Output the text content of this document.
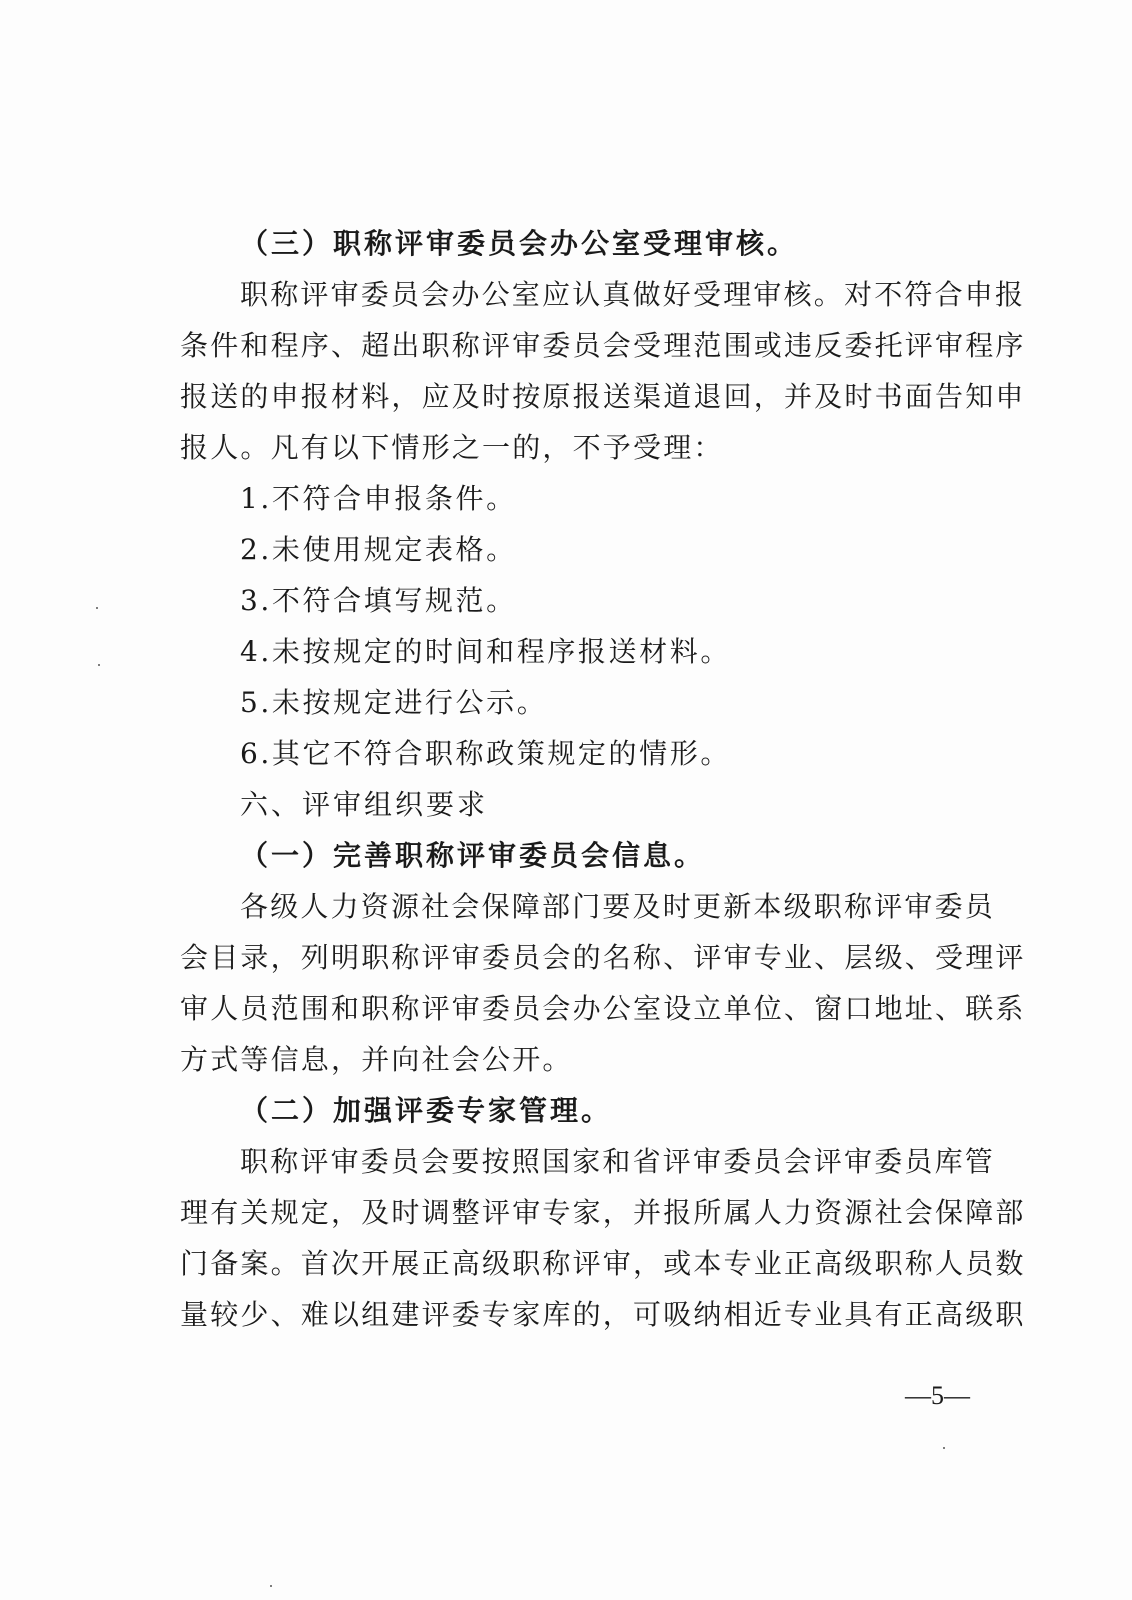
（三）职称评审委员会办公室受理审核。
职称评审委员会办公室应认真做好受理审核。对不符合申报
条件和程序、超出职称评审委员会受理范围或违反委托评审程序
报送的申报材料，应及时按原报送渠道退回，并及时书面告知申
报人。凡有以下情形之一的，不予受理：
1.不符合申报条件。
2.未使用规定表格。
3.不符合填写规范。
4.未按规定的时间和程序报送材料。
5.未按规定进行公示。
6.其它不符合职称政策规定的情形。
六、评审组织要求
（一）完善职称评审委员会信息。
各级人力资源社会保障部门要及时更新本级职称评审委员
会目录，列明职称评审委员会的名称、评审专业、层级、受理评
审人员范围和职称评审委员会办公室设立单位、窗口地址、联系
方式等信息，并向社会公开。
（二）加强评委专家管理。
职称评审委员会要按照国家和省评审委员会评审委员库管
理有关规定，及时调整评审专家，并报所属人力资源社会保障部
门备案。首次开展正高级职称评审，或本专业正高级职称人员数
量较少、难以组建评委专家库的，可吸纳相近专业具有正高级职
—5—
